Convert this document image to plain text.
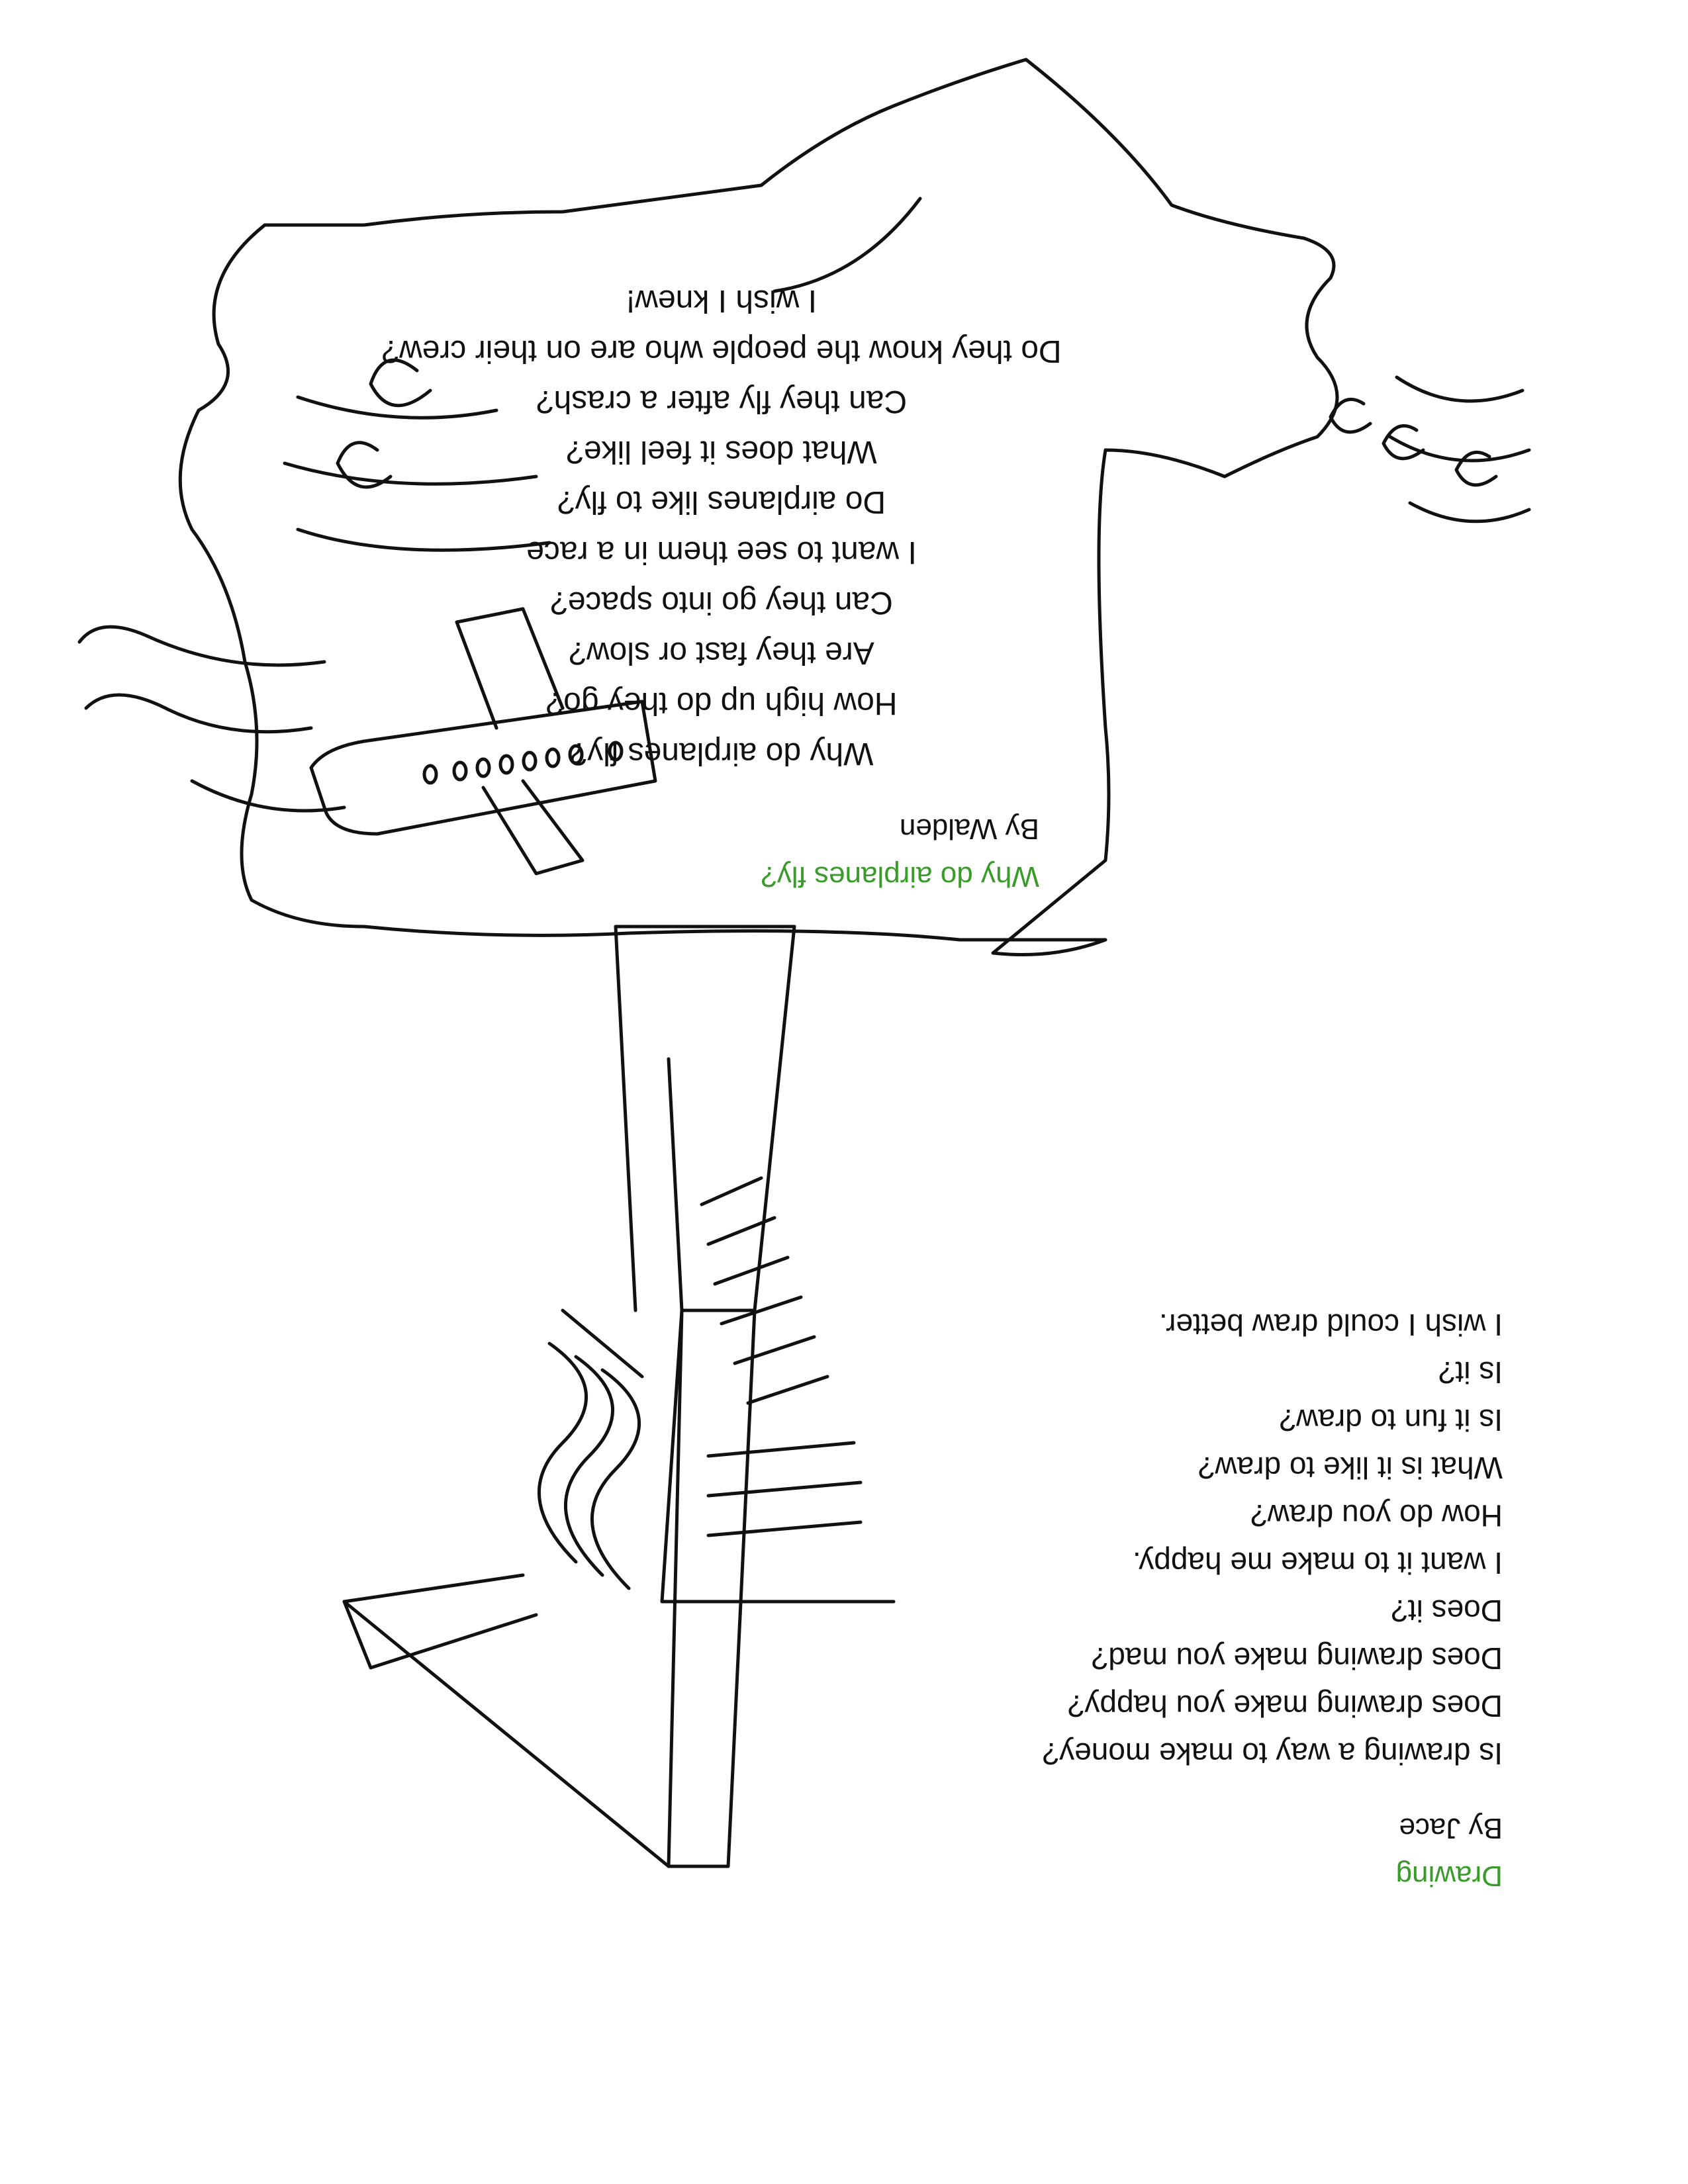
Drawing

By Jace

Is drawing a way to make money?

Does drawing make you happy?

Does drawing make you mad?

Does it?

I want it to make me happy.

How do you draw?

What is it like to draw?

Is it fun to draw?

Is it?

I wish I could draw better.

Why do airplanes fly?

By Walden

Why do airplanes fly?

How high up do they go?

Are they fast or slow?

Can they go into space?

I want to see them in a race

Do airplanes like to fly?

What does it feel like?

Can they fly after a crash?

Do they know the people who are on their crew?

I wish I knew!
